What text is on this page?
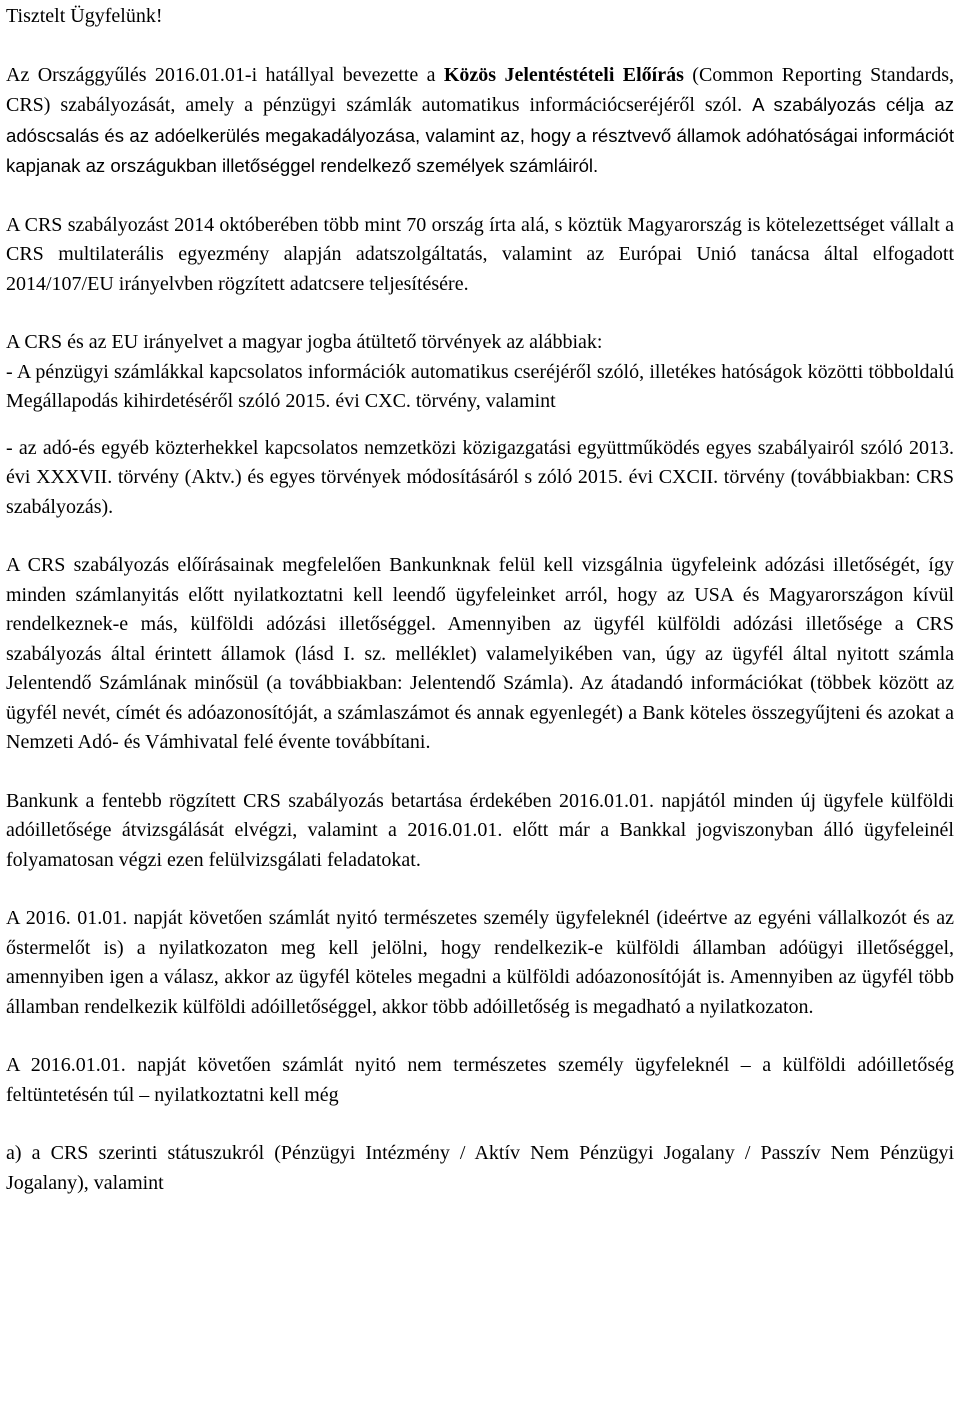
Tisztelt Ügyfelünk!

Az Országgyűlés 2016.01.01-i hatállyal bevezette a Közös Jelentéstételi Előírás (Common Reporting Standards, CRS) szabályozását, amely a pénzügyi számlák automatikus információcseréjéről szól. A szabályozás célja az adóscsalás és az adóelkerülés megakadályozása, valamint az, hogy a résztvevő államok adóhatóságai információt kapjanak az országukban illetőséggel rendelkező személyek számláiról.

A CRS szabályozást 2014 októberében több mint 70 ország írta alá, s köztük Magyarország is kötelezettséget vállalt a CRS multilaterális egyezmény alapján adatszolgáltatás, valamint az Európai Unió tanácsa által elfogadott 2014/107/EU irányelvben rögzített adatcsere teljesítésére.

A CRS és az EU irányelvet a magyar jogba átültető törvények az alábbiak:

- A pénzügyi számlákkal kapcsolatos információk automatikus cseréjéről szóló, illetékes hatóságok közötti többoldalú Megállapodás kihirdetéséről szóló 2015. évi CXC. törvény, valamint

- az adó-és egyéb közterhekkel kapcsolatos nemzetközi közigazgatási együttműködés egyes szabályairól szóló 2013. évi XXXVII. törvény (Aktv.) és egyes törvények módosításáról s zóló 2015. évi CXCII. törvény (továbbiakban: CRS szabályozás).

A CRS szabályozás előírásainak megfelelően Bankunknak felül kell vizsgálnia ügyfeleink adózási illetőségét, így minden számlanyitás előtt nyilatkoztatni kell leendő ügyfeleinket arról, hogy az USA és Magyarországon kívül rendelkeznek-e más, külföldi adózási illetőséggel. Amennyiben az ügyfél külföldi adózási illetősége a CRS szabályozás által érintett államok (lásd I. sz. melléklet) valamelyikében van, úgy az ügyfél által nyitott számla Jelentendő Számlának minősül (a továbbiakban: Jelentendő Számla). Az átadandó információkat (többek között az ügyfél nevét, címét és adóazonosítóját, a számlaszámot és annak egyenlegét) a Bank köteles összegyűjteni és azokat a Nemzeti Adó- és Vámhivatal felé évente továbbítani.

Bankunk a fentebb rögzített CRS szabályozás betartása érdekében 2016.01.01. napjától minden új ügyfele külföldi adóilletősége átvizsgálását elvégzi, valamint a 2016.01.01. előtt már a Bankkal jogviszonyban álló ügyfeleinél folyamatosan végzi ezen felülvizsgálati feladatokat.

A 2016. 01.01. napját követően számlát nyitó természetes személy ügyfeleknél (ideértve az egyéni vállalkozót és az őstermelőt is) a nyilatkozaton meg kell jelölni, hogy rendelkezik-e külföldi államban adóügyi illetőséggel, amennyiben igen a válasz, akkor az ügyfél köteles megadni a külföldi adóazonosítóját is. Amennyiben az ügyfél több államban rendelkezik külföldi adóilletőséggel, akkor több adóilletőség is megadható a nyilatkozaton.

A 2016.01.01. napját követően számlát nyitó nem természetes személy ügyfeleknél – a külföldi adóilletőség feltüntetésén túl – nyilatkoztatni kell még

a) a CRS szerinti státuszukról (Pénzügyi Intézmény / Aktív Nem Pénzügyi Jogalany / Passzív Nem Pénzügyi Jogalany), valamint
